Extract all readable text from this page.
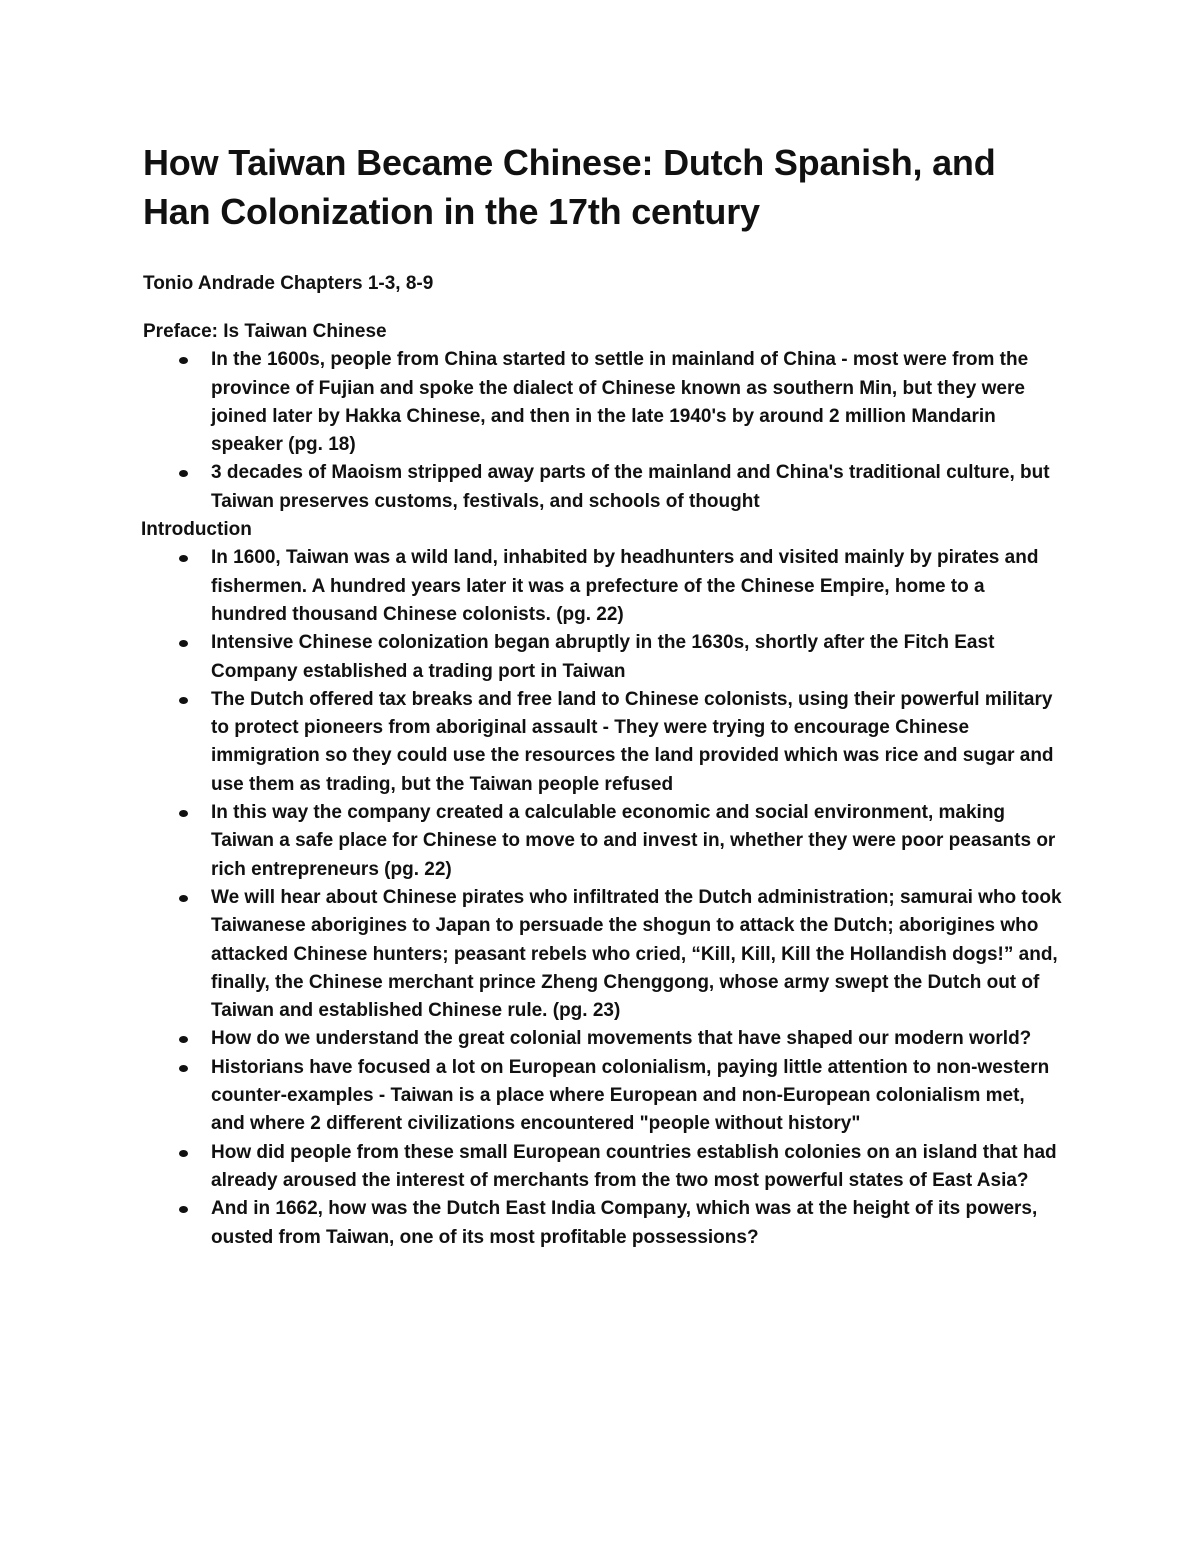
How Taiwan Became Chinese: Dutch Spanish, and Han Colonization in the 17th century
Tonio Andrade Chapters 1-3, 8-9
Preface: Is Taiwan Chinese
In the 1600s, people from China started to settle in mainland of China - most were from the province of Fujian and spoke the dialect of Chinese known as southern Min, but they were joined later by Hakka Chinese, and then in the late 1940's by around 2 million Mandarin speaker (pg. 18)
3 decades of Maoism stripped away parts of the mainland and China's traditional culture, but Taiwan preserves customs, festivals, and schools of thought
Introduction
In 1600, Taiwan was a wild land, inhabited by headhunters and visited mainly by pirates and fishermen. A hundred years later it was a prefecture of the Chinese Empire, home to a hundred thousand Chinese colonists. (pg. 22)
Intensive Chinese colonization began abruptly in the 1630s, shortly after the Fitch East Company established a trading port in Taiwan
The Dutch offered tax breaks and free land to Chinese colonists, using their powerful military to protect pioneers from aboriginal assault - They were trying to encourage Chinese immigration so they could use the resources the land provided which was rice and sugar and use them as trading, but the Taiwan people refused
In this way the company created a calculable economic and social environment, making Taiwan a safe place for Chinese to move to and invest in, whether they were poor peasants or rich entrepreneurs (pg. 22)
We will hear about Chinese pirates who infiltrated the Dutch administration; samurai who took Taiwanese aborigines to Japan to persuade the shogun to attack the Dutch; aborigines who attacked Chinese hunters; peasant rebels who cried, “Kill, Kill, Kill the Hollandish dogs!” and, finally, the Chinese merchant prince Zheng Chenggong, whose army swept the Dutch out of Taiwan and established Chinese rule. (pg. 23)
How do we understand the great colonial movements that have shaped our modern world?
Historians have focused a lot on European colonialism, paying little attention to non-western counter-examples - Taiwan is a place where European and non-European colonialism met, and where 2 different civilizations encountered "people without history"
How did people from these small European countries establish colonies on an island that had already aroused the interest of merchants from the two most powerful states of East Asia?
And in 1662, how was the Dutch East India Company, which was at the height of its powers, ousted from Taiwan, one of its most profitable possessions?
